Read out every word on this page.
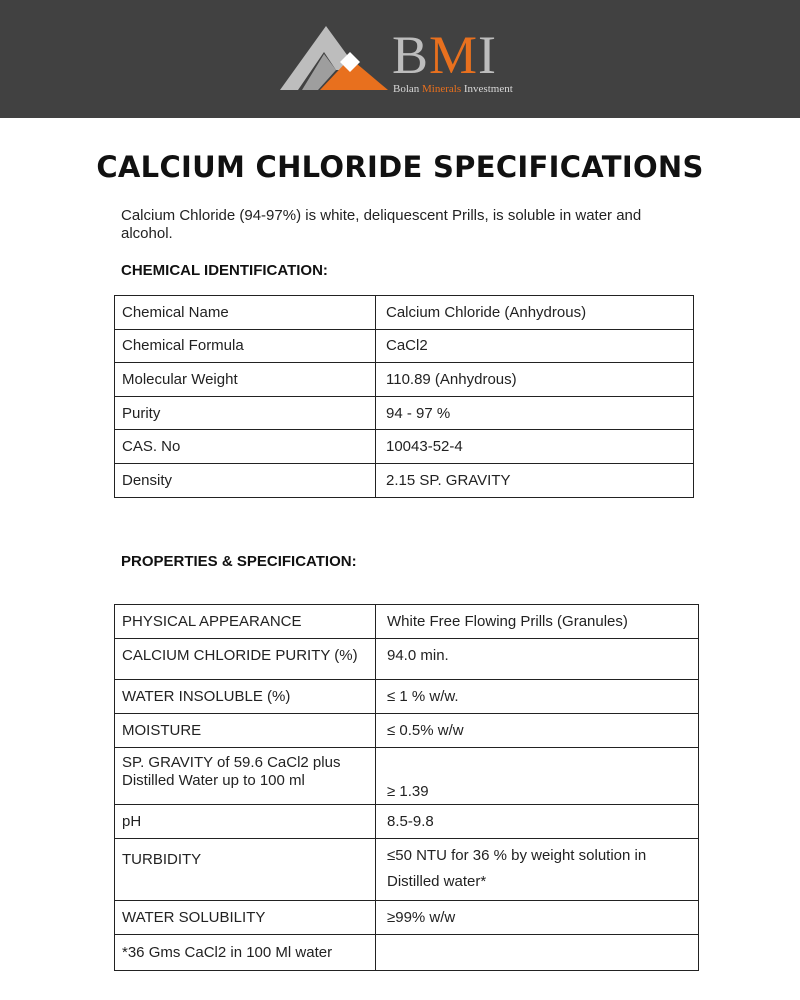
BMI
Bolan Minerals Investment
CALCIUM CHLORIDE SPECIFICATIONS
Calcium Chloride (94-97%) is white, deliquescent Prills, is soluble in water and alcohol.
CHEMICAL IDENTIFICATION:
Chemical Name	Calcium Chloride (Anhydrous)
Chemical Formula	CaCl2
Molecular Weight	110.89 (Anhydrous)
Purity	94 - 97 %
CAS. No	10043-52-4
Density	2.15 SP. GRAVITY
PROPERTIES & SPECIFICATION:
PHYSICAL APPEARANCE	White Free Flowing Prills (Granules)
CALCIUM CHLORIDE PURITY (%)	94.0 min.
WATER INSOLUBLE (%)	≤ 1 % w/w.
MOISTURE	≤ 0.5% w/w
SP. GRAVITY of 59.6 CaCl2 plus Distilled Water up to 100 ml	≥ 1.39
pH	8.5-9.8
TURBIDITY	≤50 NTU for 36 % by weight solution in Distilled water*
WATER SOLUBILITY	≥99% w/w
*36 Gms CaCl2 in 100 Ml water	
